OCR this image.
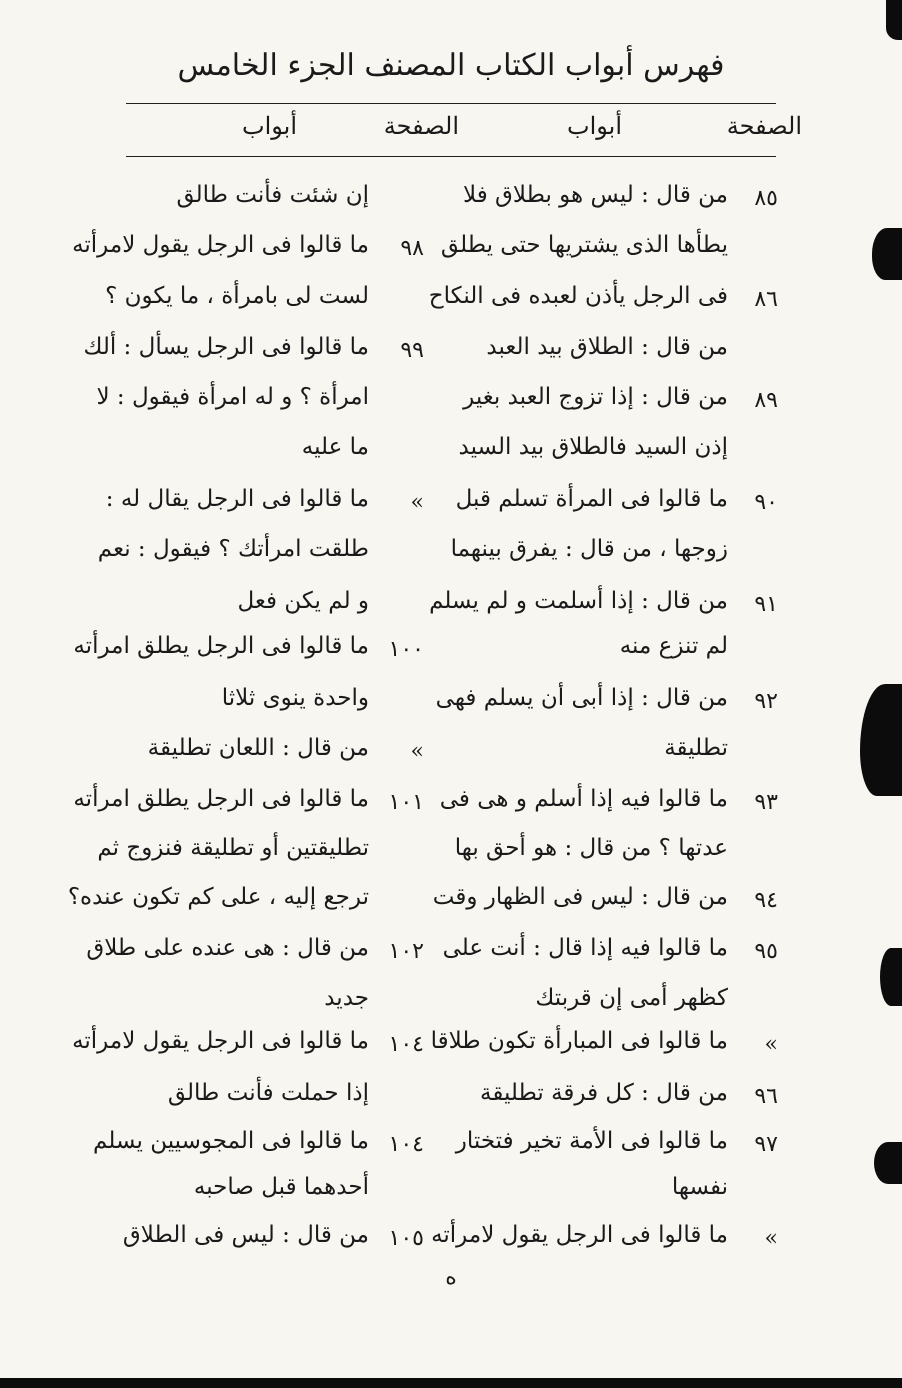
فهرس أبواب الكتاب المصنف الجزء الخامس
الصفحة
أبواب
الصفحة
أبواب
٨٥
من قال : ليس هو بطلاق فلا
يطأها الذى يشتريها حتى يطلق
٨٦
فى الرجل يأذن لعبده فى النكاح
من قال : الطلاق بيد العبد
٨٩
من قال : إذا تزوج العبد بغير
إذن السيد فالطلاق بيد السيد
٩٠
ما قالوا فى المرأة تسلم قبل
زوجها ، من قال : يفرق بينهما
٩١
من قال : إذا أسلمت و لم يسلم
لم تنزع منه
٩٢
من قال : إذا أبى أن يسلم فهى
تطليقة
٩٣
ما قالوا فيه إذا أسلم و هى فى
عدتها ؟ من قال : هو أحق بها
٩٤
من قال : ليس فى الظهار وقت
٩٥
ما قالوا فيه إذا قال : أنت على
كظهر أمى إن قربتك
»
ما قالوا فى المبارأة تكون طلاقا
٩٦
من قال : كل فرقة تطليقة
٩٧
ما قالوا فى الأمة تخير فتختار
نفسها
»
ما قالوا فى الرجل يقول لامرأته
إن شئت فأنت طالق
٩٨
ما قالوا فى الرجل يقول لامرأته
لست لى بامرأة ، ما يكون ؟
٩٩
ما قالوا فى الرجل يسأل : ألك
امرأة ؟ و له امرأة فيقول : لا
ما عليه
»
ما قالوا فى الرجل يقال له :
طلقت امرأتك ؟ فيقول : نعم
و لم يكن فعل
١٠٠
ما قالوا فى الرجل يطلق امرأته
واحدة ينوى ثلاثا
»
من قال : اللعان تطليقة
١٠١
ما قالوا فى الرجل يطلق امرأته
تطليقتين أو تطليقة فنزوج ثم
ترجع إليه ، على كم تكون عنده؟
١٠٢
من قال : هى عنده على طلاق
جديد
١٠٤
ما قالوا فى الرجل يقول لامرأته
إذا حملت فأنت طالق
١٠٤
ما قالوا فى المجوسيين يسلم
أحدهما قبل صاحبه
١٠٥
من قال : ليس فى الطلاق
ه
